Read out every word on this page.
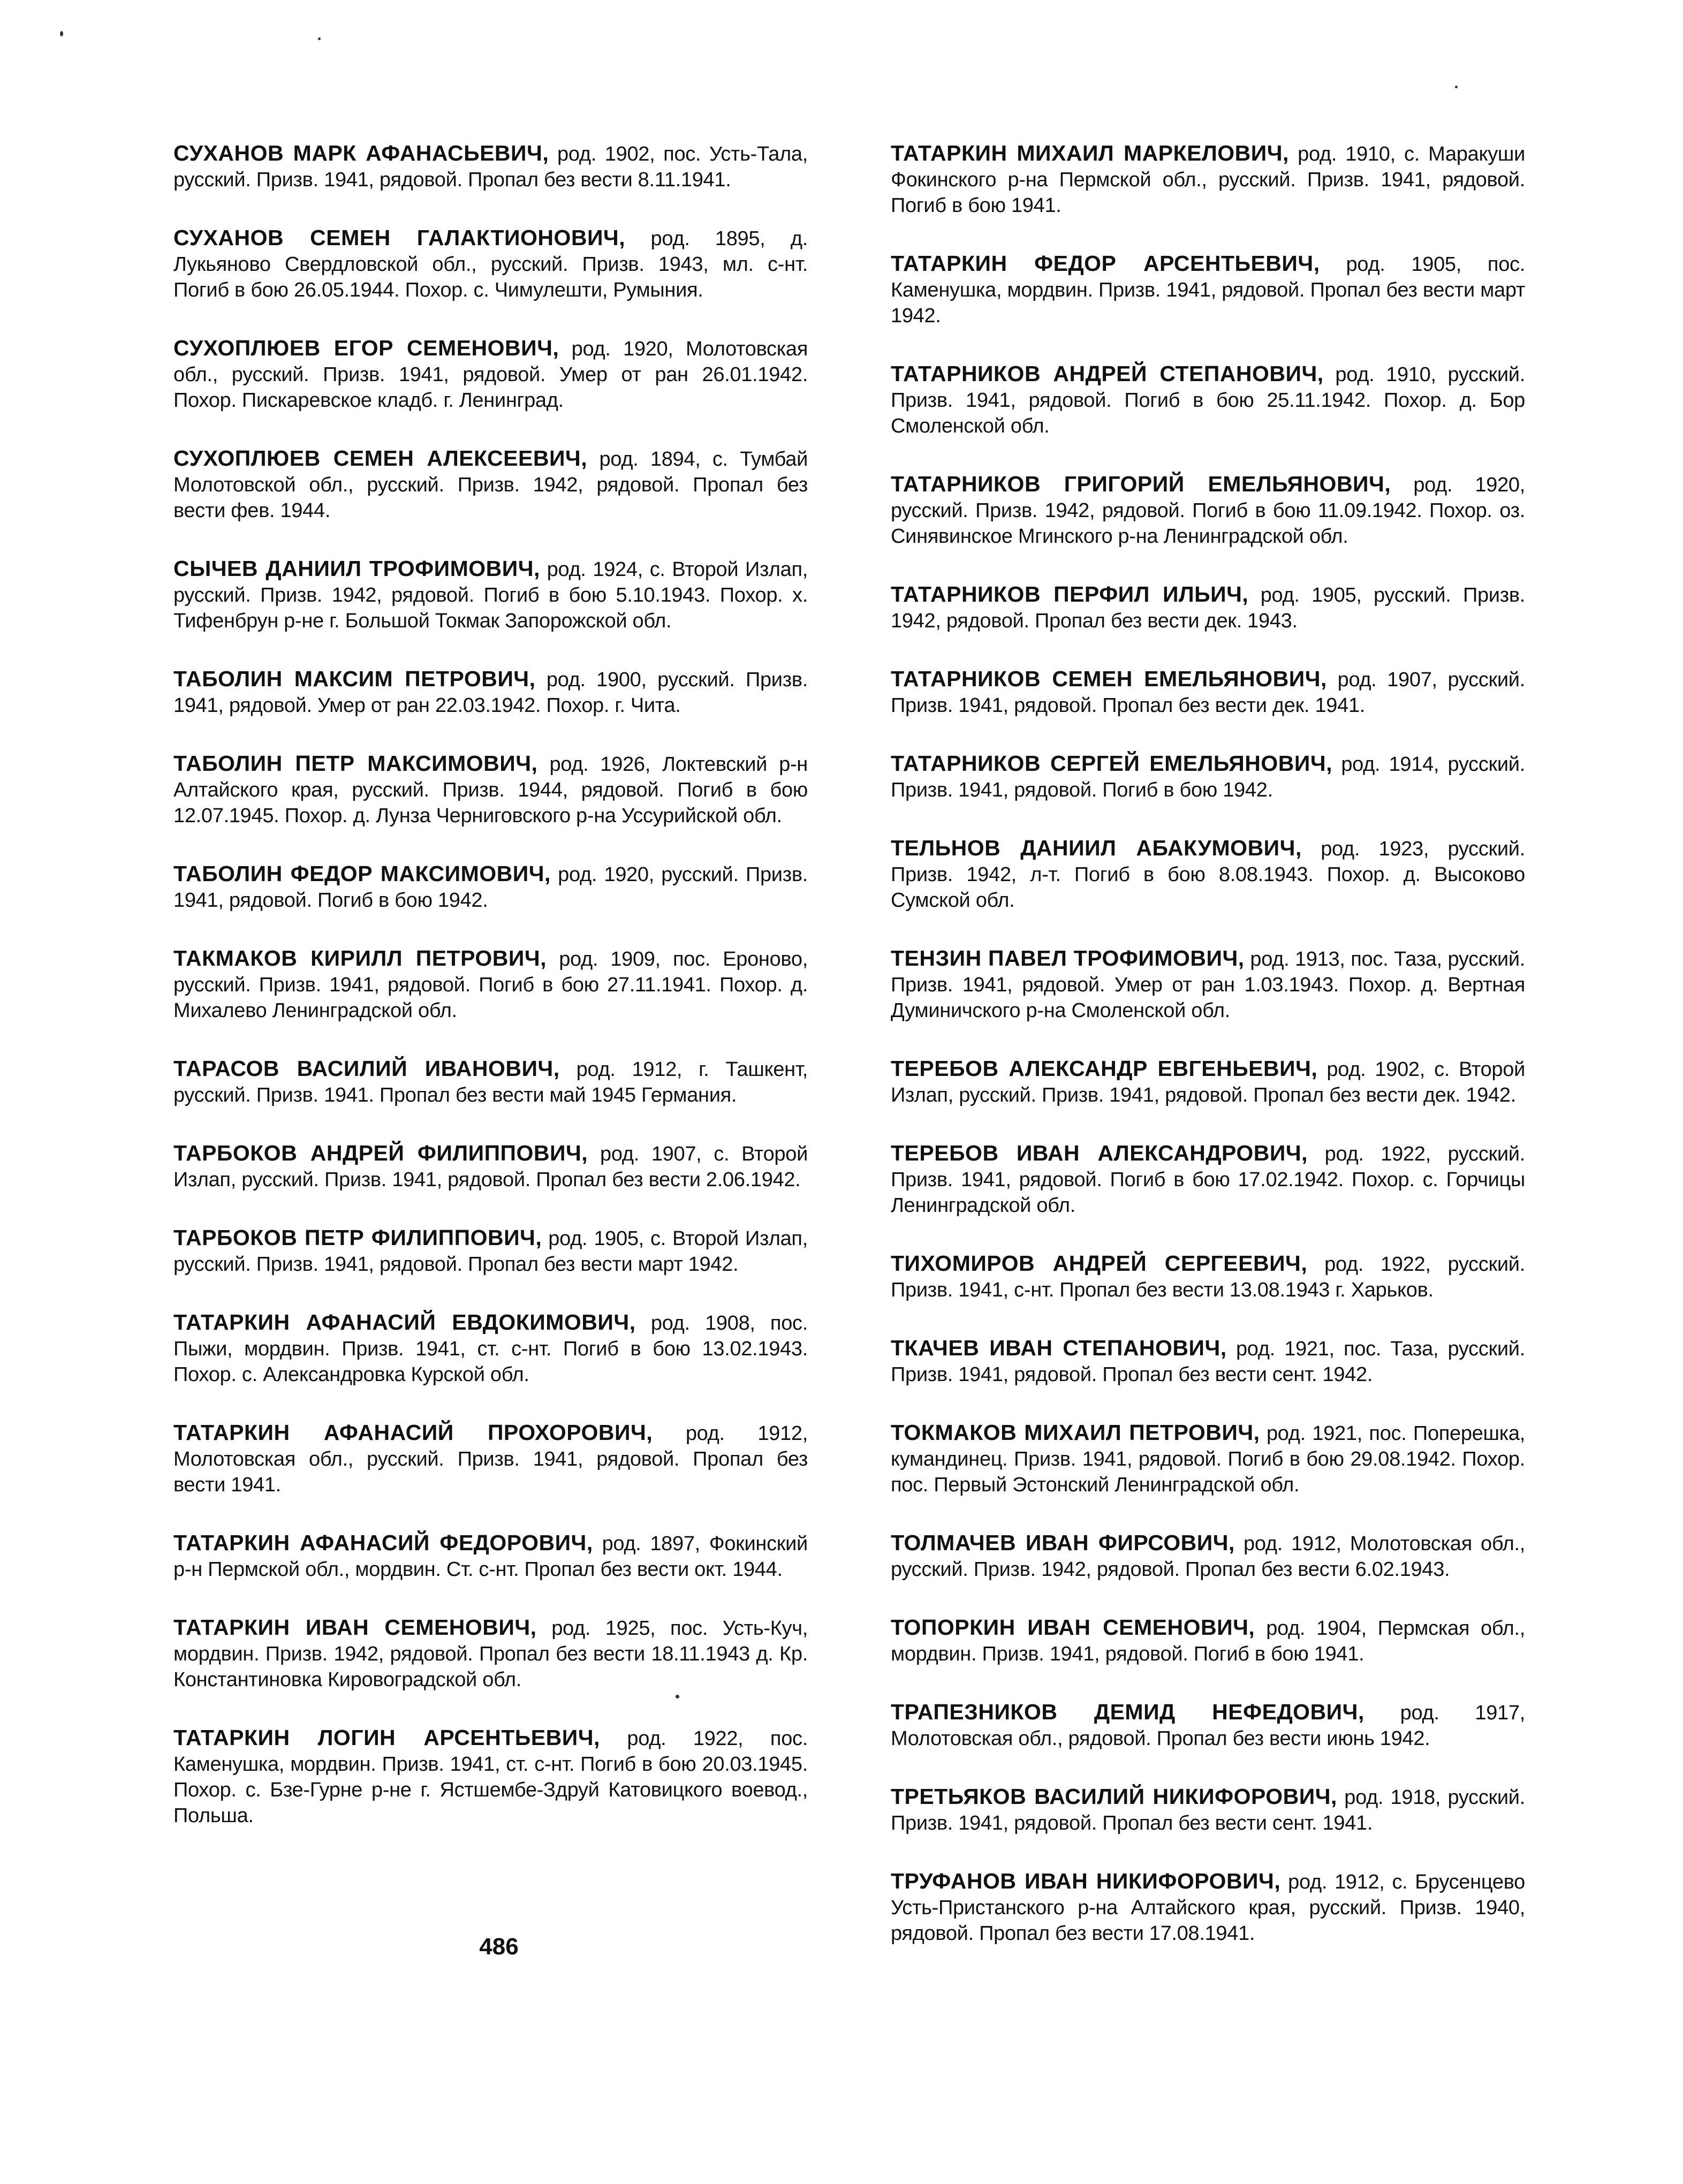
СУХАНОВ МАРК АФАНАСЬЕВИЧ, род. 1902, пос. Усть-Тала, русский. Призв. 1941, рядовой. Пропал без вести 8.11.1941.

СУХАНОВ СЕМЕН ГАЛАКТИОНОВИЧ, род. 1895, д. Лукьяново Свердловской обл., русский. Призв. 1943, мл. с-нт. Погиб в бою 26.05.1944. Похор. с. Чимулешти, Румыния.

СУХОПЛЮЕВ ЕГОР СЕМЕНОВИЧ, род. 1920, Молотовская обл., русский. Призв. 1941, рядовой. Умер от ран 26.01.1942. Похор. Пискаревское кладб. г. Ленинград.

СУХОПЛЮЕВ СЕМЕН АЛЕКСЕЕВИЧ, род. 1894, с. Тумбай Молотовской обл., русский. Призв. 1942, рядовой. Пропал без вести фев. 1944.

СЫЧЕВ ДАНИИЛ ТРОФИМОВИЧ, род. 1924, с. Второй Излап, русский. Призв. 1942, рядовой. Погиб в бою 5.10.1943. Похор. х. Тифенбрун р-не г. Большой Токмак Запорожской обл.

ТАБОЛИН МАКСИМ ПЕТРОВИЧ, род. 1900, русский. Призв. 1941, рядовой. Умер от ран 22.03.1942. Похор. г. Чита.

ТАБОЛИН ПЕТР МАКСИМОВИЧ, род. 1926, Локтевский р-н Алтайского края, русский. Призв. 1944, рядовой. Погиб в бою 12.07.1945. Похор. д. Лунза Черниговского р-на Уссурийской обл.

ТАБОЛИН ФЕДОР МАКСИМОВИЧ, род. 1920, русский. Призв. 1941, рядовой. Погиб в бою 1942.

ТАКМАКОВ КИРИЛЛ ПЕТРОВИЧ, род. 1909, пос. Ероново, русский. Призв. 1941, рядовой. Погиб в бою 27.11.1941. Похор. д. Михалево Ленинградской обл.

ТАРАСОВ ВАСИЛИЙ ИВАНОВИЧ, род. 1912, г. Ташкент, русский. Призв. 1941. Пропал без вести май 1945 Германия.

ТАРБОКОВ АНДРЕЙ ФИЛИППОВИЧ, род. 1907, с. Второй Излап, русский. Призв. 1941, рядовой. Пропал без вести 2.06.1942.

ТАРБОКОВ ПЕТР ФИЛИППОВИЧ, род. 1905, с. Второй Излап, русский. Призв. 1941, рядовой. Пропал без вести март 1942.

ТАТАРКИН АФАНАСИЙ ЕВДОКИМОВИЧ, род. 1908, пос. Пыжи, мордвин. Призв. 1941, ст. с-нт. Погиб в бою 13.02.1943. Похор. с. Александровка Курской обл.

ТАТАРКИН АФАНАСИЙ ПРОХОРОВИЧ, род. 1912, Молотовская обл., русский. Призв. 1941, рядовой. Пропал без вести 1941.

ТАТАРКИН АФАНАСИЙ ФЕДОРОВИЧ, род. 1897, Фокинский р-н Пермской обл., мордвин. Ст. с-нт. Пропал без вести окт. 1944.

ТАТАРКИН ИВАН СЕМЕНОВИЧ, род. 1925, пос. Усть-Куч, мордвин. Призв. 1942, рядовой. Пропал без вести 18.11.1943 д. Кр. Константиновка Кировоградской обл.

ТАТАРКИН ЛОГИН АРСЕНТЬЕВИЧ, род. 1922, пос. Каменушка, мордвин. Призв. 1941, ст. с-нт. Погиб в бою 20.03.1945. Похор. с. Бзе-Гурне р-не г. Ястшембе-Здруй Катовицкого воевод., Польша.

ТАТАРКИН МИХАИЛ МАРКЕЛОВИЧ, род. 1910, с. Маракуши Фокинского р-на Пермской обл., русский. Призв. 1941, рядовой. Погиб в бою 1941.

ТАТАРКИН ФЕДОР АРСЕНТЬЕВИЧ, род. 1905, пос. Каменушка, мордвин. Призв. 1941, рядовой. Пропал без вести март 1942.

ТАТАРНИКОВ АНДРЕЙ СТЕПАНОВИЧ, род. 1910, русский. Призв. 1941, рядовой. Погиб в бою 25.11.1942. Похор. д. Бор Смоленской обл.

ТАТАРНИКОВ ГРИГОРИЙ ЕМЕЛЬЯНОВИЧ, род. 1920, русский. Призв. 1942, рядовой. Погиб в бою 11.09.1942. Похор. оз. Синявинское Мгинского р-на Ленинградской обл.

ТАТАРНИКОВ ПЕРФИЛ ИЛЬИЧ, род. 1905, русский. Призв. 1942, рядовой. Пропал без вести дек. 1943.

ТАТАРНИКОВ СЕМЕН ЕМЕЛЬЯНОВИЧ, род. 1907, русский. Призв. 1941, рядовой. Пропал без вести дек. 1941.

ТАТАРНИКОВ СЕРГЕЙ ЕМЕЛЬЯНОВИЧ, род. 1914, русский. Призв. 1941, рядовой. Погиб в бою 1942.

ТЕЛЬНОВ ДАНИИЛ АБАКУМОВИЧ, род. 1923, русский. Призв. 1942, л-т. Погиб в бою 8.08.1943. Похор. д. Высоково Сумской обл.

ТЕНЗИН ПАВЕЛ ТРОФИМОВИЧ, род. 1913, пос. Таза, русский. Призв. 1941, рядовой. Умер от ран 1.03.1943. Похор. д. Вертная Думиничского р-на Смоленской обл.

ТЕРЕБОВ АЛЕКСАНДР ЕВГЕНЬЕВИЧ, род. 1902, с. Второй Излап, русский. Призв. 1941, рядовой. Пропал без вести дек. 1942.

ТЕРЕБОВ ИВАН АЛЕКСАНДРОВИЧ, род. 1922, русский. Призв. 1941, рядовой. Погиб в бою 17.02.1942. Похор. с. Горчицы Ленинградской обл.

ТИХОМИРОВ АНДРЕЙ СЕРГЕЕВИЧ, род. 1922, русский. Призв. 1941, с-нт. Пропал без вести 13.08.1943 г. Харьков.

ТКАЧЕВ ИВАН СТЕПАНОВИЧ, род. 1921, пос. Таза, русский. Призв. 1941, рядовой. Пропал без вести сент. 1942.

ТОКМАКОВ МИХАИЛ ПЕТРОВИЧ, род. 1921, пос. Поперешка, кумандинец. Призв. 1941, рядовой. Погиб в бою 29.08.1942. Похор. пос. Первый Эстонский Ленинградской обл.

ТОЛМАЧЕВ ИВАН ФИРСОВИЧ, род. 1912, Молотовская обл., русский. Призв. 1942, рядовой. Пропал без вести 6.02.1943.

ТОПОРКИН ИВАН СЕМЕНОВИЧ, род. 1904, Пермская обл., мордвин. Призв. 1941, рядовой. Погиб в бою 1941.

ТРАПЕЗНИКОВ ДЕМИД НЕФЕДОВИЧ, род. 1917, Молотовская обл., рядовой. Пропал без вести июнь 1942.

ТРЕТЬЯКОВ ВАСИЛИЙ НИКИФОРОВИЧ, род. 1918, русский. Призв. 1941, рядовой. Пропал без вести сент. 1941.

ТРУФАНОВ ИВАН НИКИФОРОВИЧ, род. 1912, с. Брусенцево Усть-Пристанского р-на Алтайского края, русский. Призв. 1940, рядовой. Пропал без вести 17.08.1941.

486
